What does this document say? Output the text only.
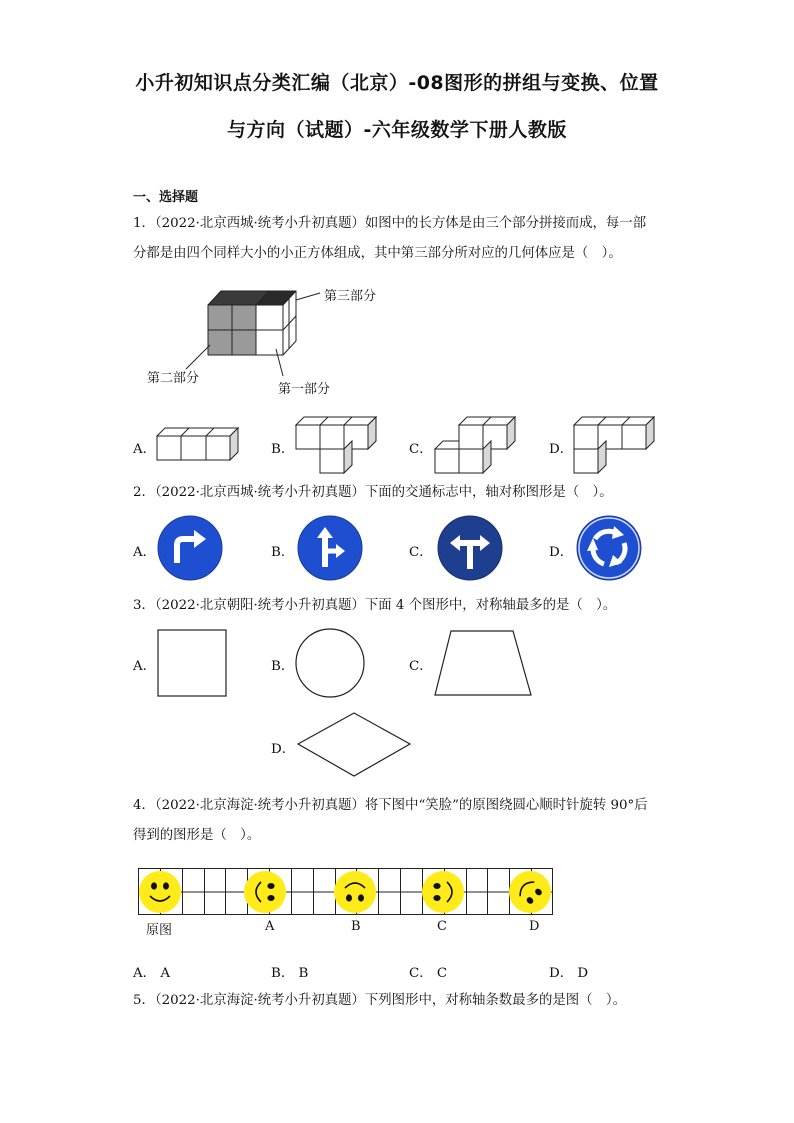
小升初知识点分类汇编（北京）-08图形的拼组与变换、位置
与方向（试题）-六年级数学下册人教版
一、选择题
1．（2022·北京西城·统考小升初真题）如图中的长方体是由三个部分拼接而成，每一部
分都是由四个同样大小的小正方体组成，其中第三部分所对应的几何体应是（　）。
第三部分
第二部分
第一部分
A．	B．	C．	D．
2．（2022·北京西城·统考小升初真题）下面的交通标志中，轴对称图形是（　）。
A．	B．	C．	D．
3．（2022·北京朝阳·统考小升初真题）下面 4 个图形中，对称轴最多的是（　）。
A．	B．	C．
D．
4．（2022·北京海淀·统考小升初真题）将下图中“笑脸”的原图绕圆心顺时针旋转 90°后
得到的图形是（　）。
原图	A	B	C	D
A． A	B． B	C． C	D． D
5．（2022·北京海淀·统考小升初真题）下列图形中，对称轴条数最多的是图（　）。
